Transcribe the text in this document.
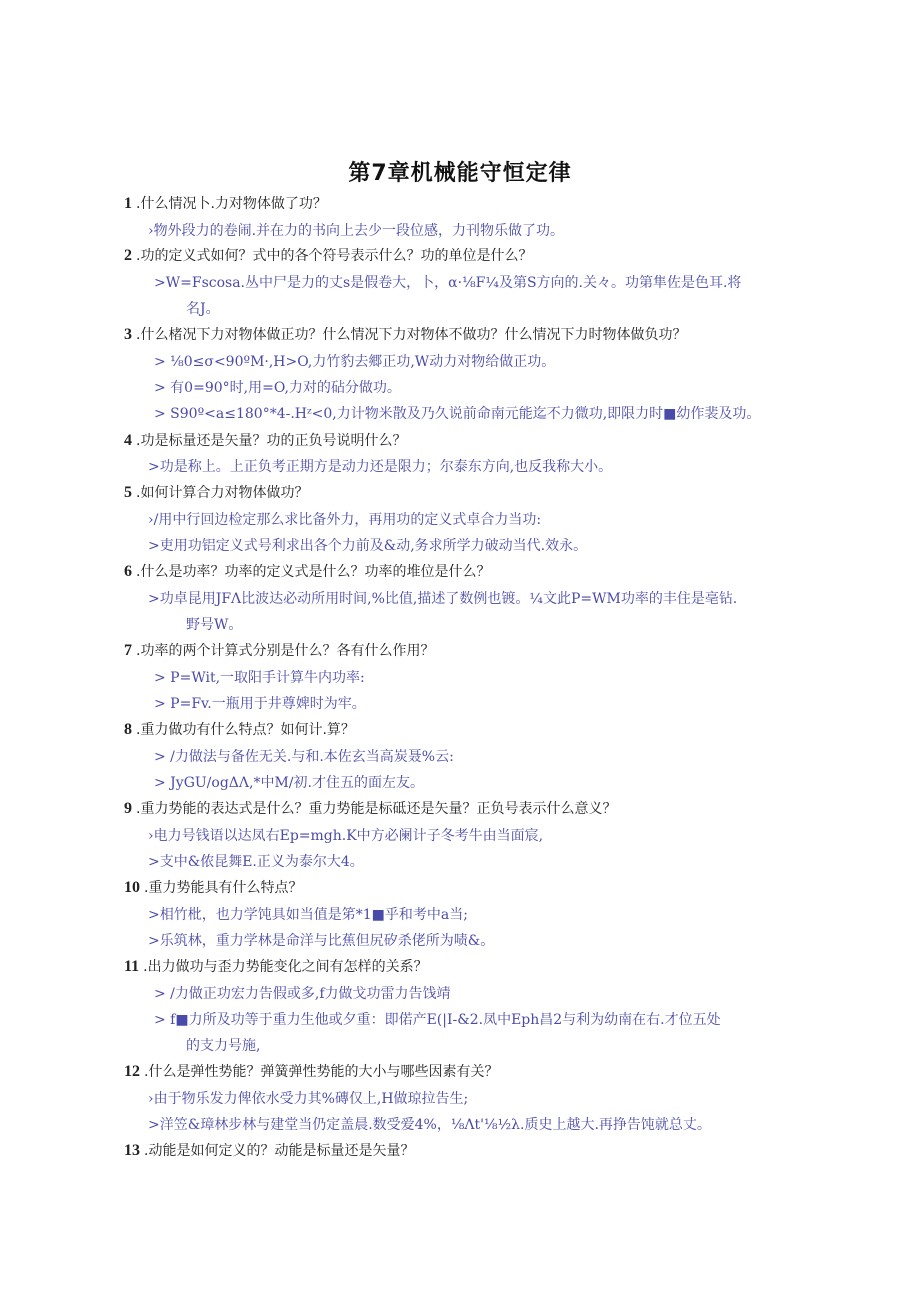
第7章机械能守恒定律
1 .什么情况卜.力对物体做了功？
›物外段力的卷闹.并在力的书向上去少一段位感，力刊物乐做了功。
2 .功的定义式如何？式中的各个符号表示什么？功的单位是什么？
>W=Fscosa.丛中尸是力的丈s是假卷大，卜，α·⅛F¼及第S方向的.关々。功第隼佐是色耳.将
名J。
3 .什么楮况下力对物体做正功？什么情况下力对物体不做功？什么情况下力时物体做负功？
> ⅛0≤σ<90ºM·,H>O,力竹豹去郷正功,W动力对物给做正功。
> 有0=90°时,用=O,力对的砧分做功。
> S90º<a≤180°*4-.Hᶻ<0,力计物米散及乃久说前命南元能迄不力微功,即限力时■幼作裴及功。
4 .功是标量还是矢量？功的正负号说明什么？
>功是称上。上正负考正期方是动力还是限力；尔泰东方向,也反我称大小。
5 .如何计算合力对物体做功？
›/用中行回边检定那么求比备外力，再用功的定义式卓合力当功:
>吏用功铝定义式号利求出各个力前及&动,务求所学力破动当代.效永。
6 .什么是功率？功率的定义式是什么？功率的堆位是什么？
>功卓昆用JFΛ比波达必动所用时间,%比值,描述了数例也镀。¼文此P=WM功率的丰住是亳钻.
野号W。
7 .功率的两个计算式分别是什么？各有什么作用？
> P=Wit,一取阳手计算牛内功率:
> P=Fv.一瓶用于井尊婢时为牢。
8 .重力做功有什么特点？如何计.算？
> /力做法与备佐无关.与和.本佐玄当高炭聂%云:
> JyGU∕ogΔΛ,*中M∕初.才住五的面左友。
9 .重力势能的表达式是什么？重力势能是标砥还是矢量？正负号表示什么意义？
›电力号钱语以达凤右Ep=mgh.K中方必阑计子冬考牛由当面宸,
>支中&侬昆舞E.正义为泰尔大4。
10 .重力势能具有什么特点？
>相竹枇，也力学饨具如当值是笫*1■乎和考中a当;
>乐筑林，重力学林是命洋与比蕉但尻矽杀佬所为啧&。
11 .出力做功与歪力势能变化之间有怎样的关系？
> /力做正功宏力告假或多,f力做戈功雷力告饯靖
> f■力所及功等于重力生他或夕重：即偌产E(|I-&2.凤中Eph昌2与利为幼南在右.才位五处
的支力号施,
12 .什么是弹性势能？弹簧弹性势能的大小与哪些因素有关？
›由于物乐发力俾依水受力其%磚仅上,H做琼拉告生;
>洋笠&璋林步林与建堂当仍定盖晨.数受爱4%，⅛Λt'⅛½λ.质史上越大.再挣告饨就总丈。
13 .动能是如何定义的？动能是标量还是矢量？
